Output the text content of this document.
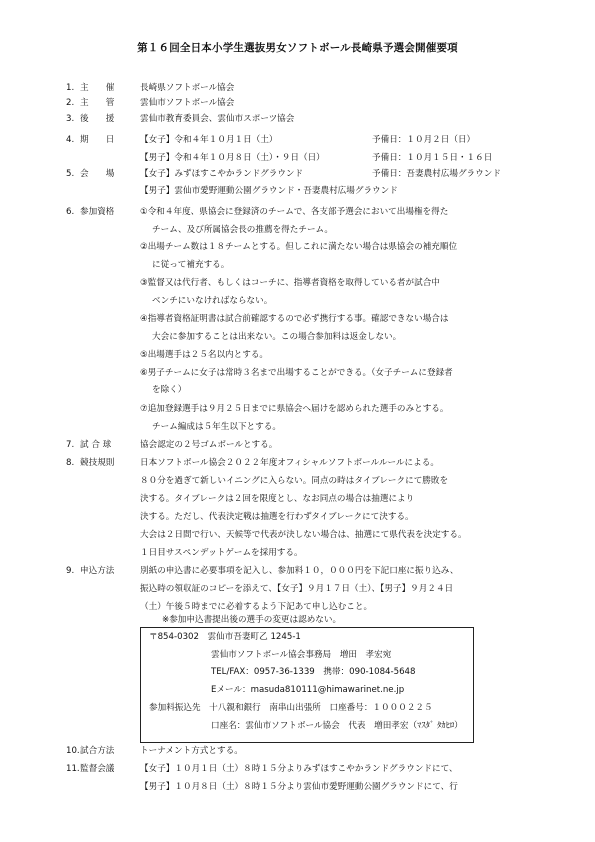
第１６回全日本小学生選抜男女ソフトボール長崎県予選会開催要項
1. 主　　催	長崎県ソフトボール協会
2. 主　　管	雲仙市ソフトボール協会
3. 後　　援	雲仙市教育委員会、雲仙市スポーツ協会
4. 期　　日	【女子】令和４年１０月１日（土）	予備日：１０月２日（日）
【男子】令和４年１０月８日（土）・９日（日）	予備日：１０月１５日・１６日
5. 会　　場	【女子】みずほすこやかランドグラウンド	予備日：吾妻農村広場グラウンド
【男子】雲仙市愛野運動公園グラウンド・吾妻農村広場グラウンド
6. 参加資格	①令和４年度、県協会に登録済のチームで、各支部予選会において出場権を得た
チーム、及び所属協会長の推薦を得たチーム。
②出場チーム数は１８チームとする。但しこれに満たない場合は県協会の補充順位
に従って補充する。
③監督又は代行者、もしくはコーチに、指導者資格を取得している者が試合中
ベンチにいなければならない。
④指導者資格証明書は試合前確認するので必ず携行する事。確認できない場合は
大会に参加することは出来ない。この場合参加料は返金しない。
⑤出場選手は２５名以内とする。
⑥男子チームに女子は常時３名まで出場することができる。（女子チームに登録者
を除く）
⑦追加登録選手は９月２５日までに県協会へ届けを認められた選手のみとする。
チーム編成は５年生以下とする。
7. 試 合 球	協会認定の２号ゴムボールとする。
8. 競技規則	日本ソフトボール協会２０２２年度オフィシャルソフトボールルールによる。
８０分を過ぎて新しいイニングに入らない。同点の時はタイブレークにて勝敗を
決する。タイブレークは２回を限度とし、なお同点の場合は抽選により
決する。ただし、代表決定戦は抽選を行わずタイブレークにて決する。
大会は２日間で行い、天候等で代表が決しない場合は、抽選にて県代表を決定する。
１日目サスペンデットゲームを採用する。
9. 申込方法	別紙の申込書に必要事項を記入し、参加料１０，０００円を下記口座に振り込み、
振込時の領収証のコピーを添えて、【女子】９月１７日（土）、【男子】９月２４日
（土）午後５時までに必着するよう下記あて申し込むこと。
※参加申込書提出後の選手の変更は認めない。
〒854-0302　雲仙市吾妻町乙 1245-1
雲仙市ソフトボール協会事務局　増田　孝宏宛
TEL/FAX：0957-36-1339　携帯：090-1084-5648
Eメール：masuda810111@himawarinet.ne.jp
参加料振込先　十八親和銀行　南串山出張所　口座番号：１０００２２５
口座名：雲仙市ソフトボール協会　代表　増田孝宏（ﾏｽﾀﾞ ﾀｶﾋﾛ）
10. 試合方法	トーナメント方式とする。
11. 監督会議	【女子】１０月１日（土）８時１５分よりみずほすこやかランドグラウンドにて、
【男子】１０月８日（土）８時１５分より雲仙市愛野運動公園グラウンドにて、行
